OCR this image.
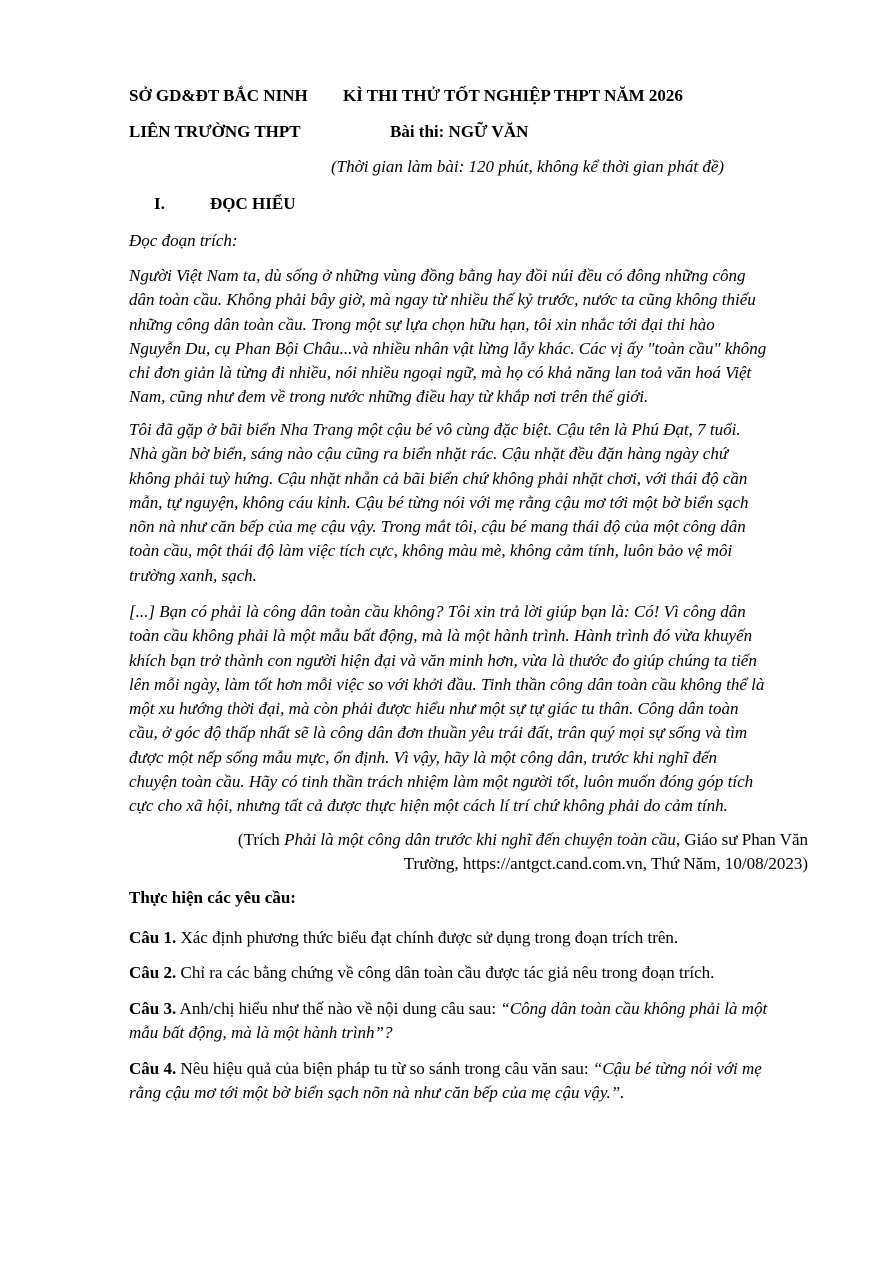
SỞ GD&ĐT BẮC NINH KÌ THI THỬ TỐT NGHIỆP THPT NĂM 2026
LIÊN TRƯỜNG THPT	Bài thi: NGỮ VĂN
(Thời gian làm bài: 120 phút, không kể thời gian phát đề)
I.	ĐỌC HIỂU
Đọc đoạn trích:
Người Việt Nam ta, dù sống ở những vùng đồng bằng hay đồi núi đều có đông những công
dân toàn cầu. Không phải bây giờ, mà ngay từ nhiều thế kỷ trước, nước ta cũng không thiếu
những công dân toàn cầu. Trong một sự lựa chọn hữu hạn, tôi xin nhắc tới đại thi hào
Nguyễn Du, cụ Phan Bội Châu...và nhiều nhân vật lừng lẫy khác. Các vị ấy "toàn cầu" không
chỉ đơn giản là từng đi nhiều, nói nhiều ngoại ngữ, mà họ có khả năng lan toả văn hoá Việt
Nam, cũng như đem về trong nước những điều hay từ khắp nơi trên thế giới.
Tôi đã gặp ở bãi biển Nha Trang một cậu bé vô cùng đặc biệt. Cậu tên là Phú Đạt, 7 tuổi.
Nhà gần bờ biển, sáng nào cậu cũng ra biển nhặt rác. Cậu nhặt đều đặn hàng ngày chứ
không phải tuỳ hứng. Cậu nhặt nhẵn cả bãi biển chứ không phải nhặt chơi, với thái độ cần
mẫn, tự nguyện, không cáu kỉnh. Cậu bé từng nói với mẹ rằng cậu mơ tới một bờ biển sạch
nõn nà như căn bếp của mẹ cậu vậy. Trong mắt tôi, cậu bé mang thái độ của một công dân
toàn cầu, một thái độ làm việc tích cực, không màu mè, không cảm tính, luôn bảo vệ môi
trường xanh, sạch.
[...] Bạn có phải là công dân toàn cầu không? Tôi xin trả lời giúp bạn là: Có! Vì công dân
toàn cầu không phải là một mẫu bất động, mà là một hành trình. Hành trình đó vừa khuyến
khích bạn trở thành con người hiện đại và văn minh hơn, vừa là thước đo giúp chúng ta tiến
lên mỗi ngày, làm tốt hơn mỗi việc so với khởi đầu. Tinh thần công dân toàn cầu không thể là
một xu hướng thời đại, mà còn phải được hiểu như một sự tự giác tu thân. Công dân toàn
cầu, ở góc độ thấp nhất sẽ là công dân đơn thuần yêu trái đất, trân quý mọi sự sống và tìm
được một nếp sống mẫu mực, ổn định. Vì vậy, hãy là một công dân, trước khi nghĩ đến
chuyện toàn cầu. Hãy có tinh thần trách nhiệm làm một người tốt, luôn muốn đóng góp tích
cực cho xã hội, nhưng tất cả được thực hiện một cách lí trí chứ không phải do cảm tính.
(Trích Phải là một công dân trước khi nghĩ đến chuyện toàn cầu, Giáo sư Phan Văn
Trường, https://antgct.cand.com.vn, Thứ Năm, 10/08/2023)
Thực hiện các yêu cầu:
Câu 1. Xác định phương thức biểu đạt chính được sử dụng trong đoạn trích trên.
Câu 2. Chỉ ra các bằng chứng về công dân toàn cầu được tác giả nêu trong đoạn trích.
Câu 3. Anh/chị hiểu như thế nào về nội dung câu sau: “Công dân toàn cầu không phải là một
mẫu bất động, mà là một hành trình”?
Câu 4. Nêu hiệu quả của biện pháp tu từ so sánh trong câu văn sau: “Cậu bé từng nói với mẹ
rằng cậu mơ tới một bờ biển sạch nõn nà như căn bếp của mẹ cậu vậy.”.
